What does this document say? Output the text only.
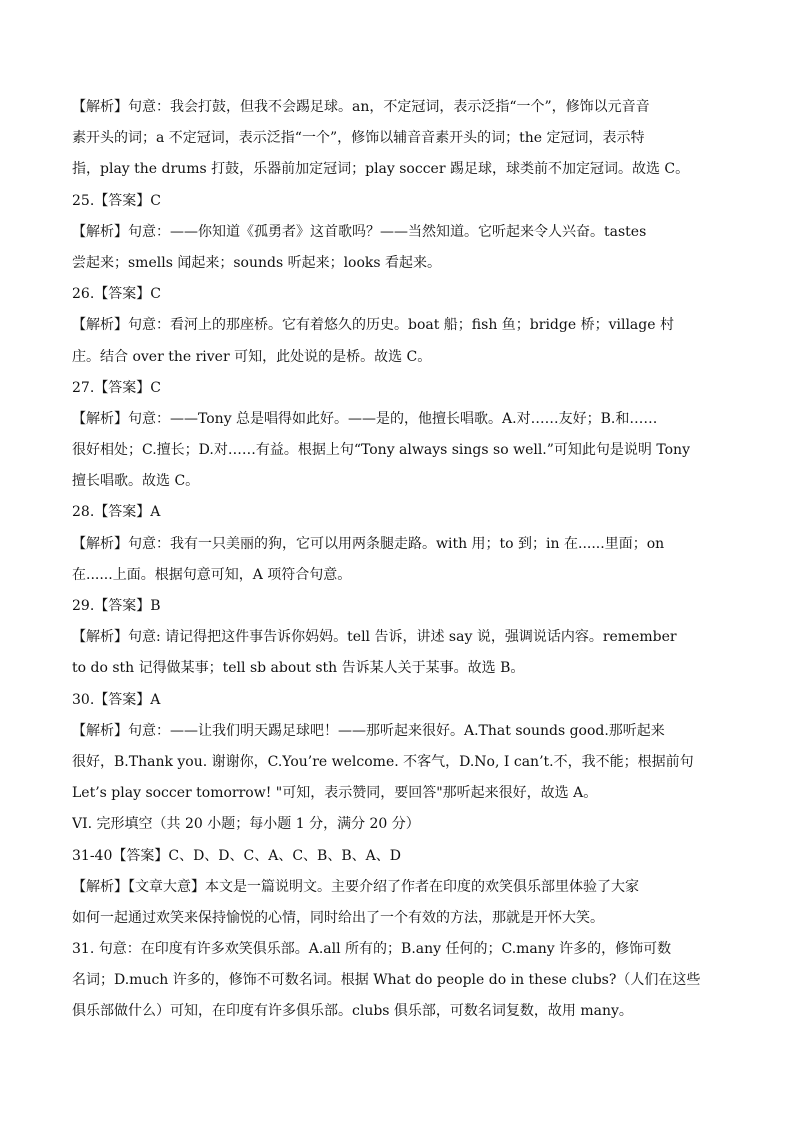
【解析】句意：我会打鼓，但我不会踢足球。an，不定冠词，表示泛指“一个”，修饰以元音音
素开头的词；a 不定冠词，表示泛指“一个”，修饰以辅音音素开头的词；the 定冠词，表示特
指，play the drums 打鼓，乐器前加定冠词；play soccer 踢足球，球类前不加定冠词。故选 C。
25.【答案】C
【解析】句意：——你知道《孤勇者》这首歌吗？——当然知道。它听起来令人兴奋。tastes
尝起来；smells 闻起来；sounds 听起来；looks 看起来。
26.【答案】C
【解析】句意：看河上的那座桥。它有着悠久的历史。boat 船；fish 鱼；bridge 桥；village 村
庄。结合 over the river 可知，此处说的是桥。故选 C。
27.【答案】C
【解析】句意：——Tony 总是唱得如此好。——是的，他擅长唱歌。A.对……友好；B.和……
很好相处；C.擅长；D.对……有益。根据上句“Tony always sings so well.”可知此句是说明 Tony
擅长唱歌。故选 C。
28.【答案】A
【解析】句意：我有一只美丽的狗，它可以用两条腿走路。with 用；to 到；in 在......里面；on
在......上面。根据句意可知，A 项符合句意。
29.【答案】B
【解析】句意: 请记得把这件事告诉你妈妈。tell 告诉，讲述 say 说，强调说话内容。remember
to do sth 记得做某事；tell sb about sth 告诉某人关于某事。故选 B。
30.【答案】A
【解析】句意：——让我们明天踢足球吧！——那听起来很好。A.That sounds good.那听起来
很好，B.Thank you. 谢谢你，C.You’re welcome. 不客气，D.No, I can’t.不，我不能；根据前句
Let’s play soccer tomorrow! "可知，表示赞同，要回答"那听起来很好，故选 A。
VI. 完形填空（共 20 小题；每小题 1 分，满分 20 分）
31-40【答案】C、D、D、C、A、C、B、B、A、D
【解析】【文章大意】本文是一篇说明文。主要介绍了作者在印度的欢笑俱乐部里体验了大家
如何一起通过欢笑来保持愉悦的心情，同时给出了一个有效的方法，那就是开怀大笑。
31. 句意：在印度有许多欢笑俱乐部。A.all 所有的；B.any 任何的；C.many 许多的，修饰可数
名词；D.much 许多的，修饰不可数名词。根据 What do people do in these clubs?（人们在这些
俱乐部做什么）可知，在印度有许多俱乐部。clubs 俱乐部，可数名词复数，故用 many。
